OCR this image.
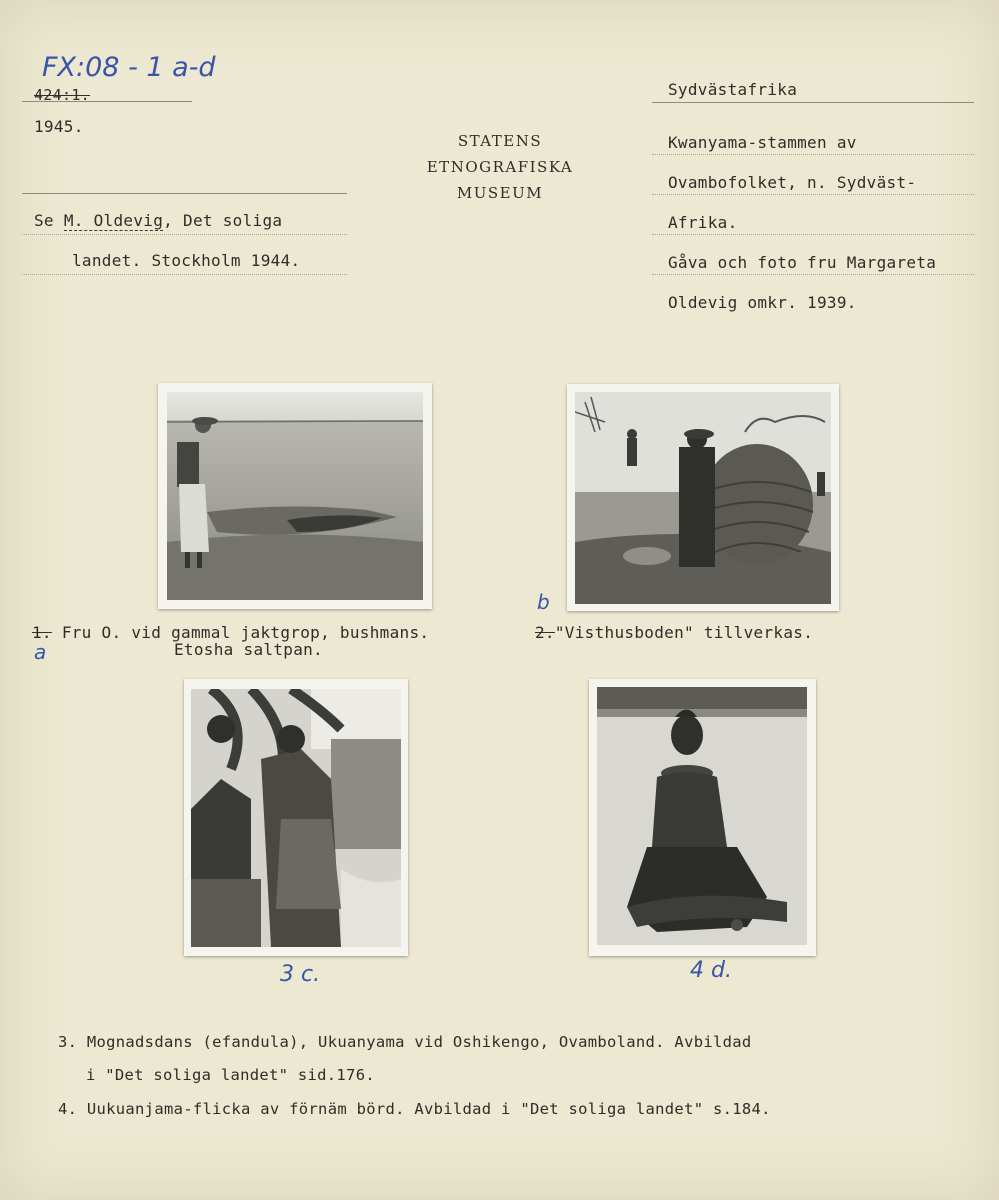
FX:08 - 1 a-d
424:1.
1945.
Se M. Oldevig, Det soliga
landet. Stockholm 1944.
STATENS
ETNOGRAFISKA
MUSEUM
Sydvästafrika
Kwanyama-stammen av
Ovambofolket, n. Sydväst-
Afrika.
Gåva och foto fru Margareta
Oldevig omkr. 1939.
1. Fru O. vid gammal jaktgrop, bushmans.
Etosha saltpan.
a
b
2."Visthusboden" tillverkas.
3 c.	4 d.
3. Mognadsdans (efandula), Ukuanyama vid Oshikengo, Ovamboland. Avbildad
i "Det soliga landet" sid.176.
4. Uukuanjama-flicka av förnäm börd. Avbildad i "Det soliga landet" s.184.
